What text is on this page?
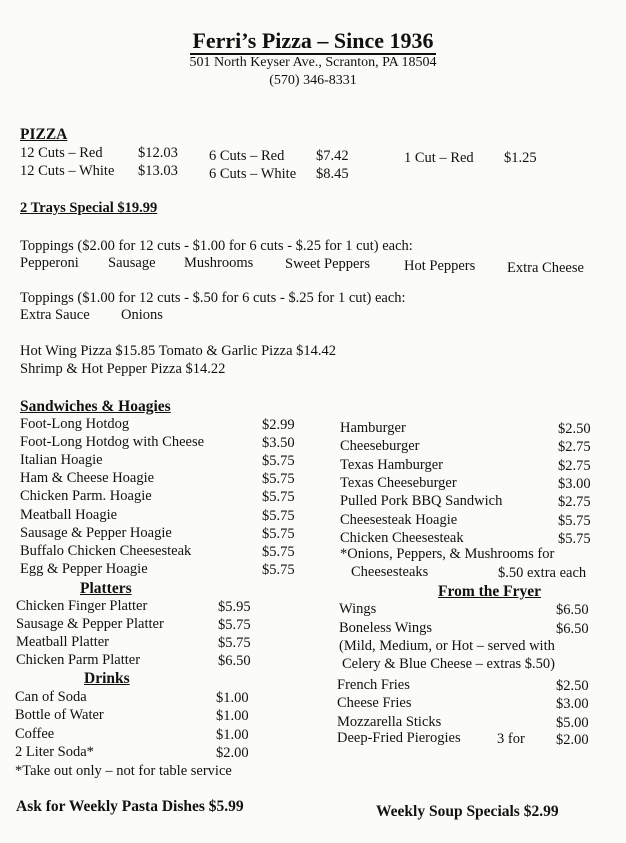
Ferri’s Pizza – Since 1936
501 North Keyser Ave., Scranton, PA 18504
(570) 346-8331
PIZZA
12 Cuts – Red $12.03
12 Cuts – White $13.03
6 Cuts – Red $7.42
6 Cuts – White $8.45
1 Cut – Red $1.25
2 Trays Special $19.99
Toppings ($2.00 for 12 cuts - $1.00 for 6 cuts - $.25 for 1 cut) each:
Pepperoni Sausage Mushrooms Sweet Peppers Hot Peppers Extra Cheese
Toppings ($1.00 for 12 cuts - $.50 for 6 cuts - $.25 for 1 cut) each:
Extra Sauce Onions
Hot Wing Pizza $15.85 Tomato & Garlic Pizza $14.42
Shrimp & Hot Pepper Pizza $14.22
Sandwiches & Hoagies
Foot-Long Hotdog	$2.99
Foot-Long Hotdog with Cheese	$3.50
Italian Hoagie	$5.75
Ham & Cheese Hoagie	$5.75
Chicken Parm. Hoagie	$5.75
Meatball Hoagie	$5.75
Sausage & Pepper Hoagie	$5.75
Buffalo Chicken Cheesesteak	$5.75
Egg & Pepper Hoagie	$5.75
Platters
Chicken Finger Platter	$5.95
Sausage & Pepper Platter	$5.75
Meatball Platter	$5.75
Chicken Parm Platter	$6.50
Drinks
Can of Soda	$1.00
Bottle of Water	$1.00
Coffee	$1.00
2 Liter Soda*	$2.00
*Take out only – not for table service
Hamburger	$2.50
Cheeseburger	$2.75
Texas Hamburger	$2.75
Texas Cheeseburger	$3.00
Pulled Pork BBQ Sandwich	$2.75
Cheesesteak Hoagie	$5.75
Chicken Cheesesteak	$5.75
*Onions, Peppers, & Mushrooms for
Cheesesteaks	$.50 extra each
From the Fryer
Wings	$6.50
Boneless Wings	$6.50
(Mild, Medium, or Hot – served with
Celery & Blue Cheese – extras $.50)
French Fries	$2.50
Cheese Fries	$3.00
Mozzarella Sticks	$5.00
Deep-Fried Pierogies	3 for $2.00
Ask for Weekly Pasta Dishes $5.99	Weekly Soup Specials $2.99
